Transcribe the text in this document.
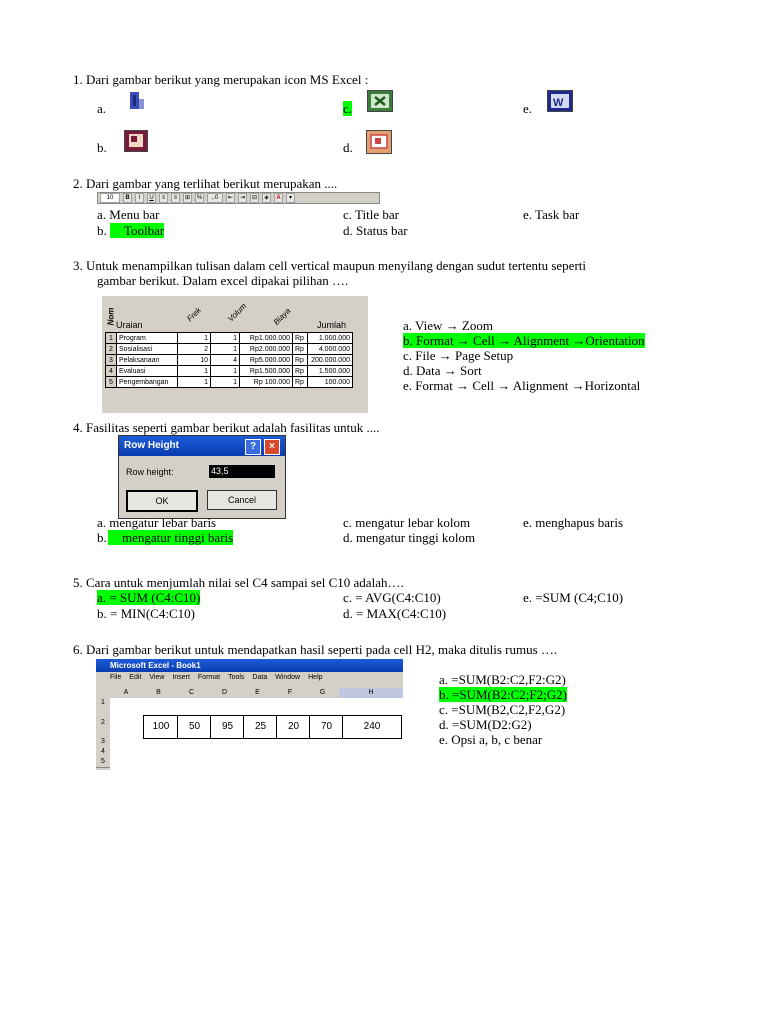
1. Dari gambar berikut yang merupakan icon MS Excel :
a.
b.
c.
d.
e. W
2. Dari gambar yang terlihat berikut merupakan ....
10	B	I	U	≡	≡	⊞	%	,.0	⇤	⇥	⊟	◈	A	▾
a. Menu bar
b.	Toolbar
c. Title bar
d. Status bar
e. Task bar
3. Untuk menampilkan tulisan dalam cell vertical maupun menyilang dengan sudut tertentu seperti
gambar berikut. Dalam excel dipakai pilihan ….
Nom	Frek	Volum	Biaya
Uraian	Jumlah
1	Program	1	1	Rp1.000.000	Rp	1.000.000
2	Sosialisasi	2	1	Rp2.000.000	Rp	4.000.000
3	Pelaksanaan	10	4	Rp5.000.000	Rp	200.000.000
4	Evaluasi	1	1	Rp1.500.000	Rp	1.500.000
5	Pengembangan	1	1	Rp 100.000	Rp	100.000
a. View → Zoom
b. Format → Cell → Alignment →Orientation
c. File → Page Setup
d. Data → Sort
e. Format → Cell → Alignment →Horizontal
4. Fasilitas seperti gambar berikut adalah fasilitas untuk ....
Row Height	?	×
Row height:	43,5
OK	Cancel
a. mengatur lebar baris
b.	mengatur tinggi baris
c. mengatur lebar kolom
d. mengatur tinggi kolom
e. menghapus baris
5. Cara untuk menjumlah nilai sel C4 sampai sel C10 adalah….
a. = SUM (C4:C10)
b. = MIN(C4:C10)
c. = AVG(C4:C10)
d. = MAX(C4:C10)
e. =SUM (C4;C10)
6. Dari gambar berikut untuk mendapatkan hasil seperti pada cell H2, maka ditulis rumus ….
Microsoft Excel - Book1
File Edit View Insert Format Tools Data Window Help
A	B	C	D	E	F	G	H
1
2
3
4
5
100	50	95	25	20	70	240
a. =SUM(B2:C2,F2:G2)
b. =SUM(B2:C2;F2;G2)
c. =SUM(B2,C2,F2,G2)
d. =SUM(D2:G2)
e. Opsi a, b, c benar
